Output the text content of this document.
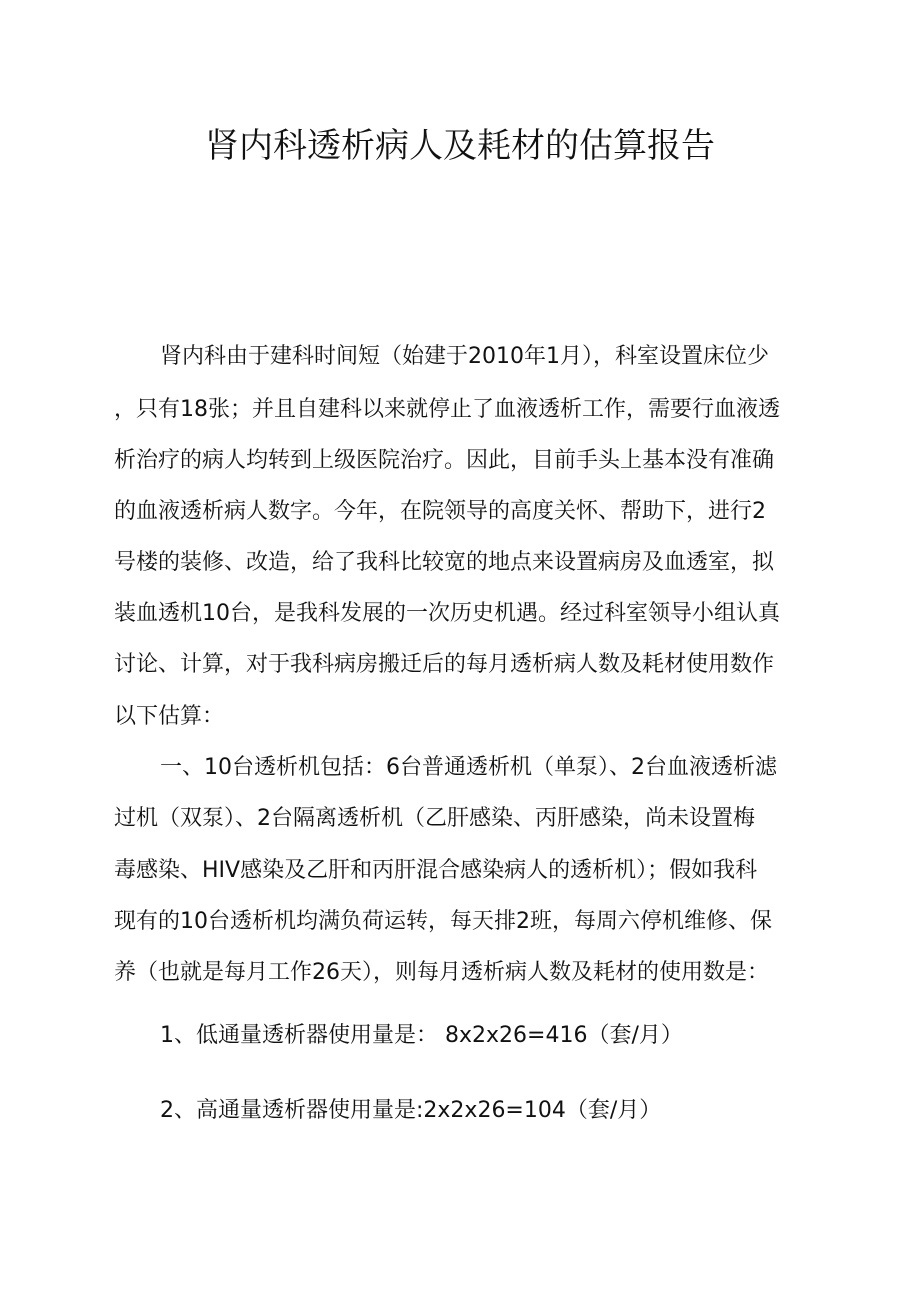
肾内科透析病人及耗材的估算报告
肾内科由于建科时间短（始建于2010年1月），科室设置床位少
，只有18张；并且自建科以来就停止了血液透析工作，需要行血液透
析治疗的病人均转到上级医院治疗。因此，目前手头上基本没有准确
的血液透析病人数字。今年，在院领导的高度关怀、帮助下，进行2
号楼的装修、改造，给了我科比较宽的地点来设置病房及血透室，拟
装血透机10台，是我科发展的一次历史机遇。经过科室领导小组认真
讨论、计算，对于我科病房搬迁后的每月透析病人数及耗材使用数作
以下估算：
一、10台透析机包括：6台普通透析机（单泵）、2台血液透析滤
过机（双泵）、2台隔离透析机（乙肝感染、丙肝感染，尚未设置梅
毒感染、HIV感染及乙肝和丙肝混合感染病人的透析机）；假如我科
现有的10台透析机均满负荷运转，每天排2班，每周六停机维修、保
养（也就是每月工作26天），则每月透析病人数及耗材的使用数是：
1、低通量透析器使用量是： 8x2x26=416（套/月）
2、高通量透析器使用量是:2x2x26=104（套/月）
